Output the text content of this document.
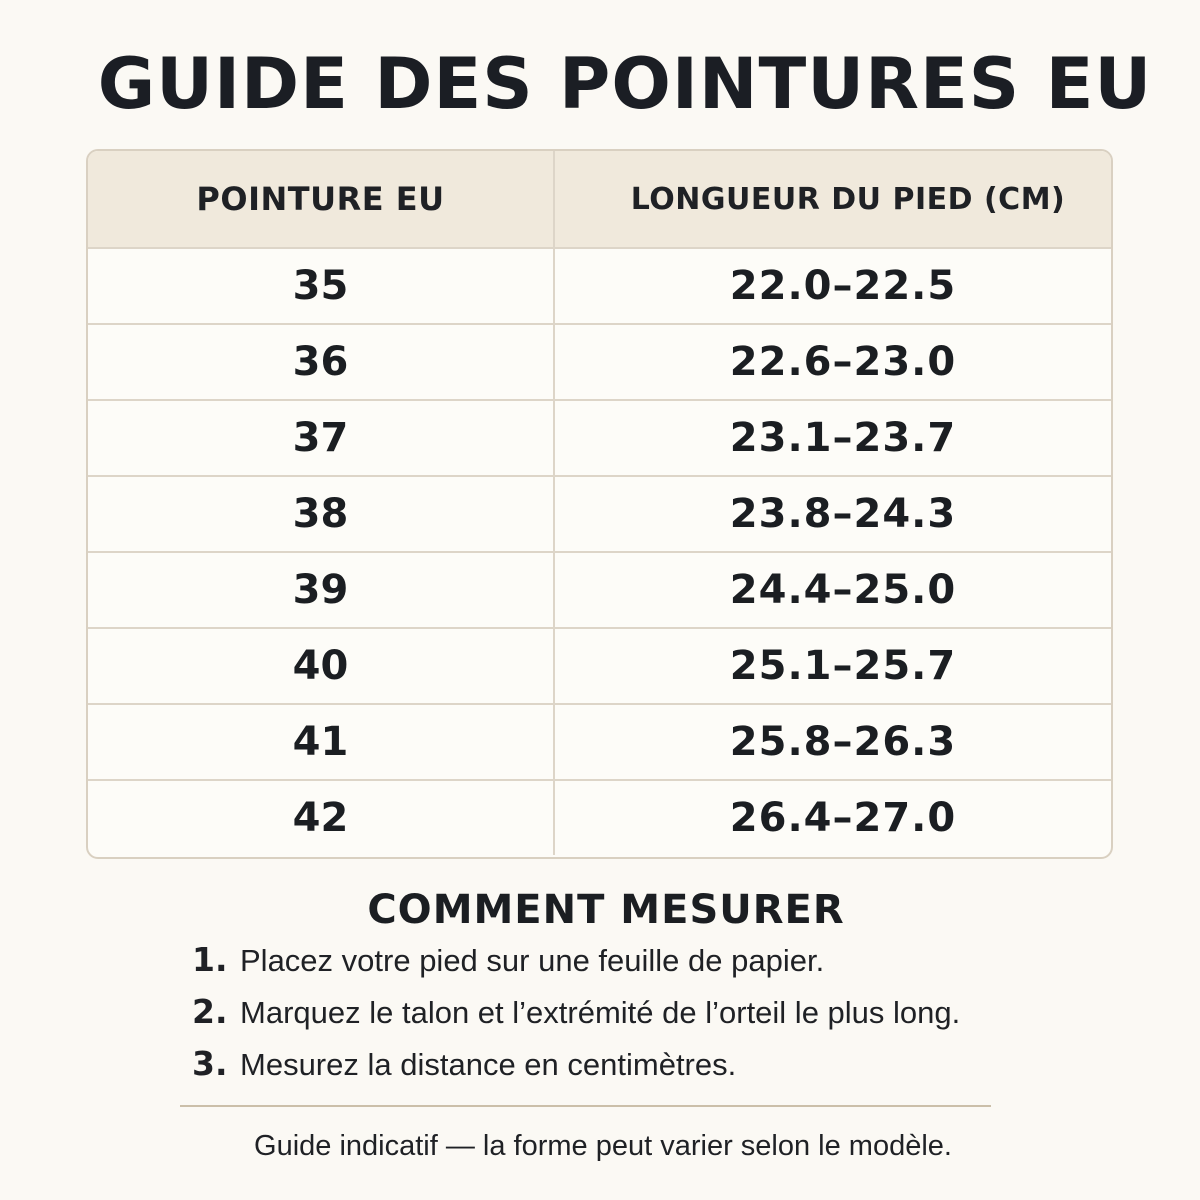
GUIDE DES POINTURES EU
POINTURE EU	LONGUEUR DU PIED (CM)
35	22.0–22.5
36	22.6–23.0
37	23.1–23.7
38	23.8–24.3
39	24.4–25.0
40	25.1–25.7
41	25.8–26.3
42	26.4–27.0
COMMENT MESURER
1. Placez votre pied sur une feuille de papier.
2. Marquez le talon et l’extrémité de l’orteil le plus long.
3. Mesurez la distance en centimètres.
Guide indicatif — la forme peut varier selon le modèle.
